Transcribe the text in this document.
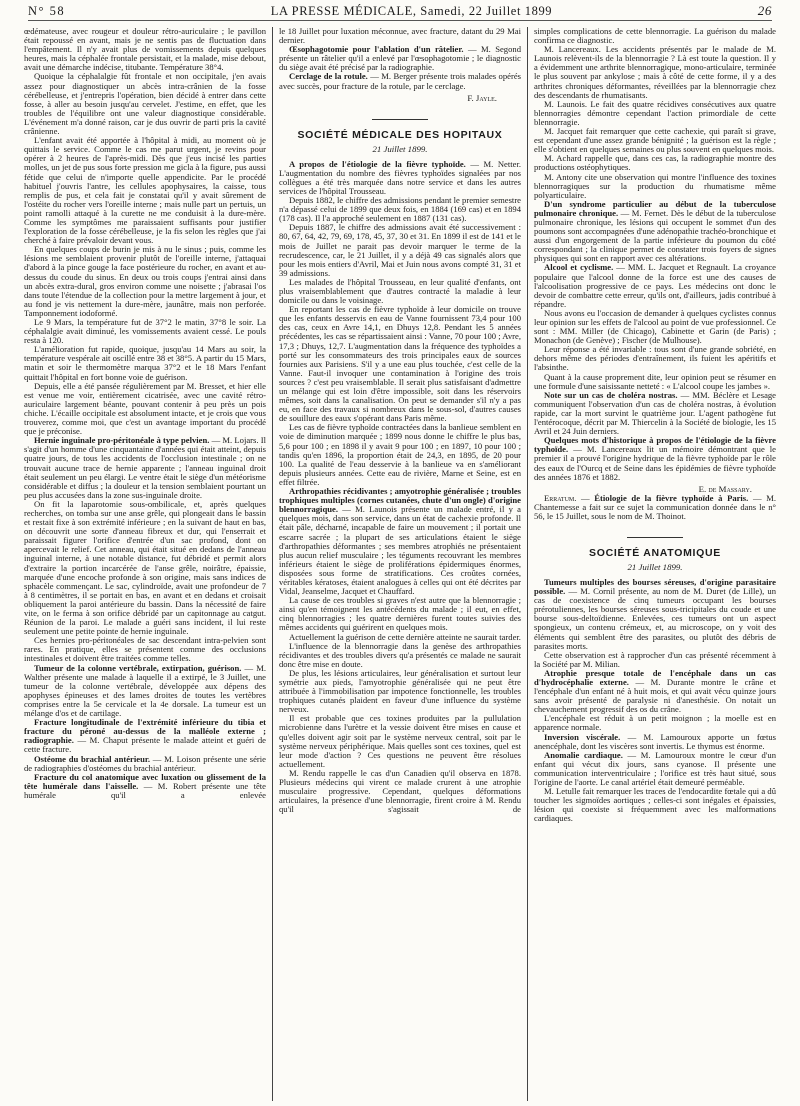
N° 58	LA PRESSE MÉDICALE, Samedi, 22 Juillet 1899	26

œdémateuse, avec rougeur et douleur rétro-auriculaire ; le pavillon était repoussé en avant, mais je ne sentis pas de fluctuation dans l'empâtement. Il n'y avait plus de vomissements depuis quelques heures, mais la céphalée frontale persistait, et la malade, mise debout, avait une démarche indécise, titubante. Température 38°4.

Quoique la céphalalgie fût frontale et non occipitale, j'en avais assez pour diagnostiquer un abcès intra-crânien de la fosse cérébelleuse, et j'entrepris l'opération, bien décidé à entrer dans cette fosse, à aller au besoin jusqu'au cervelet. J'estime, en effet, que les troubles de l'équilibre ont une valeur diagnostique considérable. L'événement m'a donné raison, car je dus ouvrir de parti pris la cavité crânienne.

L'enfant avait été apportée à l'hôpital à midi, au moment où je quittais le service. Comme le cas me parut urgent, je revins pour opérer à 2 heures de l'après-midi. Dès que j'eus incisé les parties molles, un jet de pus sous forte pression me gicla à la figure, pus aussi fétide que celui de n'importe quelle appendicite. Par le procédé habituel j'ouvris l'antre, les cellules apophysaires, la caisse, tous remplis de pus, et cela fait je constatai qu'il y avait sûrement de l'ostéite du rocher vers l'oreille interne ; mais nulle part un pertuis, un point ramolli attaqué à la curette ne me conduisit à la dure-mère. Comme les symptômes me paraissaient suffisants pour justifier l'exploration de la fosse cérébelleuse, je la fis selon les règles que j'ai cherché à faire prévaloir devant vous.

En quelques coups de burin je mis à nu le sinus ; puis, comme les lésions me semblaient provenir plutôt de l'oreille interne, j'attaquai d'abord à la pince gouge la face postérieure du rocher, en avant et au-dessus du coude du sinus. En deux ou trois coups j'entrai ainsi dans un abcès extra-dural, gros environ comme une noisette ; j'abrasai l'os dans toute l'étendue de la collection pour la mettre largement à jour, et au fond je vis nettement la dure-mère, jaunâtre, mais non perforée. Tamponnement iodoformé.

Le 9 Mars, la température fut de 37°2 le matin, 37°8 le soir. La céphalalgie avait diminué, les vomissements avaient cessé. Le pouls resta à 120.

L'amélioration fut rapide, quoique, jusqu'au 14 Mars au soir, la température vespérale ait oscillé entre 38 et 38°5. A partir du 15 Mars, matin et soir le thermomètre marqua 37°2 et le 18 Mars l'enfant quittait l'hôpital en fort bonne voie de guérison.

Depuis, elle a été pansée régulièrement par M. Bresset, et hier elle est venue me voir, entièrement cicatrisée, avec une cavité rétro-auriculaire largement béante, pouvant contenir à peu près un pois chiche. L'écaille occipitale est absolument intacte, et je crois que vous trouverez, comme moi, que c'est un avantage important du procédé que je préconise.

Hernie inguinale pro-péritonéale à type pelvien. — M. Lojars. Il s'agit d'un homme d'une cinquantaine d'années qui était atteint, depuis quatre jours, de tous les accidents de l'occlusion intestinale ; on ne trouvait aucune trace de hernie apparente ; l'anneau inguinal droit était seulement un peu élargi. Le ventre était le siège d'un météorisme considérable et diffus ; la douleur et la tension semblaient pourtant un peu plus accusées dans la zone sus-inguinale droite.

On fit la laparotomie sous-ombilicale, et, après quelques recherches, on tomba sur une anse grêle, qui plongeait dans le bassin et restait fixe à son extrémité inférieure ; en la suivant de haut en bas, on découvrit une sorte d'anneau fibreux et dur, qui l'enserrait et paraissait figurer l'orifice d'entrée d'un sac profond, dont on apercevait le relief. Cet anneau, qui était situé en dedans de l'anneau inguinal interne, à une notable distance, fut débridé et permit alors d'extraire la portion incarcérée de l'anse grêle, noirâtre, épaissie, marquée d'une encoche profonde à son origine, mais sans indices de sphacèle commençant. Le sac, cylindroïde, avait une profondeur de 7 à 8 centimètres, il se portait en bas, en avant et en dedans et croisait obliquement la paroi antérieure du bassin. Dans la nécessité de faire vite, on le ferma à son orifice débridé par un capitonnage au catgut. Réunion de la paroi. Le malade a guéri sans incident, il lui reste seulement une petite pointe de hernie inguinale.

Ces hernies pro-péritonéales de sac descendant intra-pelvien sont rares. En pratique, elles se présentent comme des occlusions intestinales et doivent être traitées comme telles.

Tumeur de la colonne vertébrale, extirpation, guérison. — M. Walther présente une malade à laquelle il a extirpé, le 3 Juillet, une tumeur de la colonne vertébrale, développée aux dépens des apophyses épineuses et des lames droites de toutes les vertèbres comprises entre la 5e cervicale et la 4e dorsale. La tumeur est un mélange d'os et de cartilage.

Fracture longitudinale de l'extrémité inférieure du tibia et fracture du péroné au-dessus de la malléole externe ; radiographie. — M. Chaput présente le malade atteint et guéri de cette fracture.

Ostéome du brachial antérieur. — M. Loison présente une série de radiographies d'ostéomes du brachial antérieur.

Fracture du col anatomique avec luxation ou glissement de la tête humérale dans l'aisselle. — M. Robert présente une tête humérale qu'il a enlevée

le 18 Juillet pour luxation méconnue, avec fracture, datant du 29 Mai dernier.

Œsophagotomie pour l'ablation d'un râtelier. — M. Segond présente un râtelier qu'il a enlevé par l'œsophagotomie ; le diagnostic du siège avait été précisé par la radiographie.

Cerclage de la rotule. — M. Berger présente trois malades opérés avec succès, pour fracture de la rotule, par le cerclage.

F. Jayle.
SOCIÉTÉ MÉDICALE DES HOPITAUX
21 Juillet 1899.

A propos de l'étiologie de la fièvre typhoïde. — M. Netter. L'augmentation du nombre des fièvres typhoïdes signalées par nos collègues a été très marquée dans notre service et dans les autres services de l'hôpital Trousseau.

Depuis 1882, le chiffre des admissions pendant le premier semestre n'a dépassé celui de 1899 que deux fois, en 1884 (169 cas) et en 1894 (178 cas). Il l'a approché seulement en 1887 (131 cas).

Depuis 1887, le chiffre des admissions avait été successivement : 80, 67, 64, 42, 79, 69, 178, 45, 37, 30 et 31. En 1899 il est de 141 et le mois de Juillet ne parait pas devoir marquer le terme de la recrudescence, car, le 21 Juillet, il y a déjà 49 cas signalés alors que pour les mois entiers d'Avril, Mai et Juin nous avons compté 31, 31 et 39 admissions.

Les malades de l'hôpital Trousseau, en leur qualité d'enfants, ont plus vraisemblablement que d'autres contracté la maladie à leur domicile ou dans le voisinage.

En reportant les cas de fièvre typhoïde à leur domicile on trouve que les enfants desservis en eau de Vanne fournissent 73,4 pour 100 des cas, ceux en Avre 14,1, en Dhuys 12,8. Pendant les 5 années précédentes, les cas se répartissaient ainsi : Vanne, 70 pour 100 ; Avre, 17,3 ; Dhuys, 12,7. L'augmentation dans la fréquence des typhoïdes a porté sur les consommateurs des trois principales eaux de sources fournies aux Parisiens. S'il y a une eau plus touchée, c'est celle de la Vanne. Faut-il invoquer une contamination à l'origine des trois sources ? c'est peu vraisemblable. Il serait plus satisfaisant d'admettre un mélange qui est loin d'être impossible, soit dans les réservoirs mêmes, soit dans la canalisation. On peut se demander s'il n'y a pas eu, en face des travaux si nombreux dans le sous-sol, d'autres causes de souillure des eaux s'opérant dans Paris même.

Les cas de fièvre typhoïde contractées dans la banlieue semblent en voie de diminution marquée ; 1899 nous donne le chiffre le plus bas, 5,6 pour 100 ; en 1898 il y avait 9 pour 100 ; en 1897, 10 pour 100 ; tandis qu'en 1896, la proportion était de 24,3, en 1895, de 20 pour 100. La qualité de l'eau desservie à la banlieue va en s'améliorant depuis plusieurs années. Cette eau de rivière, Marne et Seine, est en effet filtrée.

Arthropathies récidivantes ; amyotrophie généralisée ; troubles trophiques multiples (cornes cutanées, chute d'un ongle) d'origine blennorragique. — M. Launois présente un malade entré, il y a quelques mois, dans son service, dans un état de cachexie profonde. Il était pâle, décharné, incapable de faire un mouvement ; il portait une escarre sacrée ; la plupart de ses articulations étaient le siège d'arthropathies déformantes ; ses membres atrophiés ne présentaient plus aucun relief musculaire ; les téguments recouvrant les membres inférieurs étaient le siège de proliférations épidermiques énormes, disposées sous forme de stratifications. Ces croûtes cornées, véritables kératoses, étaient analogues à celles qui ont été décrites par Vidal, Jeanselme, Jacquet et Chauffard.

La cause de ces troubles si graves n'est autre que la blennorragie ; ainsi qu'en témoignent les antécédents du malade ; il eut, en effet, cinq blennorragies ; les quatre dernières furent toutes suivies des mêmes accidents qui guérirent en quelques mois.

Actuellement la guérison de cette dernière atteinte ne saurait tarder.

L'influence de la blennorragie dans la genèse des arthropathies récidivantes et des troubles divers qu'a présentés ce malade ne saurait donc être mise en doute.

De plus, les lésions articulaires, leur généralisation et surtout leur symétrie aux pieds, l'amyotrophie généralisée qui ne peut être attribuée à l'immobilisation par impotence fonctionnelle, les troubles trophiques cutanés plaident en faveur d'une influence du système nerveux.

Il est probable que ces toxines produites par la pullulation microbienne dans l'urètre et la vessie doivent être mises en cause et qu'elles doivent agir soit par le système nerveux central, soit par le système nerveux périphérique. Mais quelles sont ces toxines, quel est leur mode d'action ? Ces questions ne peuvent être résolues actuellement.

M. Rendu rappelle le cas d'un Canadien qu'il observa en 1878. Plusieurs médecins qui virent ce malade crurent à une atrophie musculaire progressive. Cependant, quelques déformations articulaires, la présence d'une blennorragie, firent croire à M. Rendu qu'il s'agissait de

simples complications de cette blennorragie. La guérison du malade confirma ce diagnostic.

M. Lancereaux. Les accidents présentés par le malade de M. Launois relèvent-ils de la blennorragie ? Là est toute la question. Il y a évidemment une arthrite blennorragique, mono-articulaire, terminée le plus souvent par ankylose ; mais à côté de cette forme, il y a des arthrites chroniques déformantes, réveillées par la blennorragie chez des descendants de rhumatisants.

M. Launois. Le fait des quatre récidives consécutives aux quatre blennorragies démontre cependant l'action primordiale de cette blennorragie.

M. Jacquet fait remarquer que cette cachexie, qui paraît si grave, est cependant d'une assez grande bénignité ; la guérison est la règle ; elle s'obtient en quelques semaines ou plus souvent en quelques mois.

M. Achard rappelle que, dans ces cas, la radiographie montre des productions ostéophytiques.

M. Antony cite une observation qui montre l'influence des toxines blennorragiques sur la production du rhumatisme même polyarticulaire.

D'un syndrome particulier au début de la tuberculose pulmonaire chronique. — M. Fernet. Dès le début de la tuberculose pulmonaire chronique, les lésions qui occupent le sommet d'un des poumons sont accompagnées d'une adénopathie trachéo-bronchique et aussi d'un engorgement de la partie inférieure du poumon du côté correspondant ; la clinique permet de constater trois foyers de signes physiques qui sont en rapport avec ces altérations.

Alcool et cyclisme. — MM. L. Jacquet et Regnault. La croyance populaire que l'alcool donne de la force est une des causes de l'alcoolisation progressive de ce pays. Les médecins ont donc le devoir de combattre cette erreur, qu'ils ont, d'ailleurs, jadis contribué à répandre.

Nous avons eu l'occasion de demander à quelques cyclistes connus leur opinion sur les effets de l'alcool au point de vue professionnel. Ce sont : MM. Miller (de Chicago), Cabinette et Garin (de Paris) ; Monachon (de Genève) ; Fischer (de Mulhouse).

Leur réponse a été invariable : tous sont d'une grande sobriété, en dehors même des périodes d'entraînement, ils fuient les apéritifs et l'absinthe.

Quant à la cause proprement dite, leur opinion peut se résumer en une formule d'une saisissante netteté : « L'alcool coupe les jambes ».

Note sur un cas de choléra nostras. — MM. Béclère et Lesage communiquent l'observation d'un cas de choléra nostras, à évolution rapide, car la mort survint le quatrième jour. L'agent pathogène fut l'entérocoque, décrit par M. Thiercelin à la Société de biologie, les 15 Avril et 24 Juin derniers.

Quelques mots d'historique à propos de l'étiologie de la fièvre typhoïde. — M. Lancereaux lit un mémoire démontrant que le premier il a prouvé l'origine hydrique de la fièvre typhoïde par le rôle des eaux de l'Ourcq et de Seine dans les épidémies de fièvre typhoïde des années 1876 et 1882.

E. de Massary.

Erratum. — Étiologie de la fièvre typhoïde à Paris. — M. Chantemesse a fait sur ce sujet la communication donnée dans le n° 56, le 15 Juillet, sous le nom de M. Thoinot.

SOCIÉTÉ ANATOMIQUE
21 Juillet 1899.

Tumeurs multiples des bourses séreuses, d'origine parasitaire possible. — M. Cornil présente, au nom de M. Duret (de Lille), un cas de coexistence de cinq tumeurs occupant les bourses prérotuliennes, les bourses séreuses sous-tricipitales du coude et une bourse sous-deltoïdienne. Enlevées, ces tumeurs ont un aspect spongieux, un contenu crémeux, et, au microscope, on y voit des éléments qui semblent être des parasites, ou plutôt des débris de parasites morts.

Cette observation est à rapprocher d'un cas présenté récemment à la Société par M. Milian.

Atrophie presque totale de l'encéphale dans un cas d'hydrocéphalie externe. — M. Durante montre le crâne et l'encéphale d'un enfant né à huit mois, et qui avait vécu quinze jours sans avoir présenté de paralysie ni d'anesthésie. On notait un chevauchement progressif des os du crâne.

L'encéphale est réduit à un petit moignon ; la moelle est en apparence normale.

Inversion viscérale. — M. Lamouroux apporte un fœtus anencéphale, dont les viscères sont invertis. Le thymus est énorme.

Anomalie cardiaque. — M. Lamouroux montre le cœur d'un enfant qui vécut dix jours, sans cyanose. Il présente une communication interventriculaire ; l'orifice est très haut situé, sous l'origine de l'aorte. Le canal artériel était demeuré perméable.

M. Letulle fait remarquer les traces de l'endocardite fœtale qui a dû toucher les sigmoïdes aortiques ; celles-ci sont inégales et épaissies, lésion qui coexiste si fréquemment avec les malformations cardiaques.
